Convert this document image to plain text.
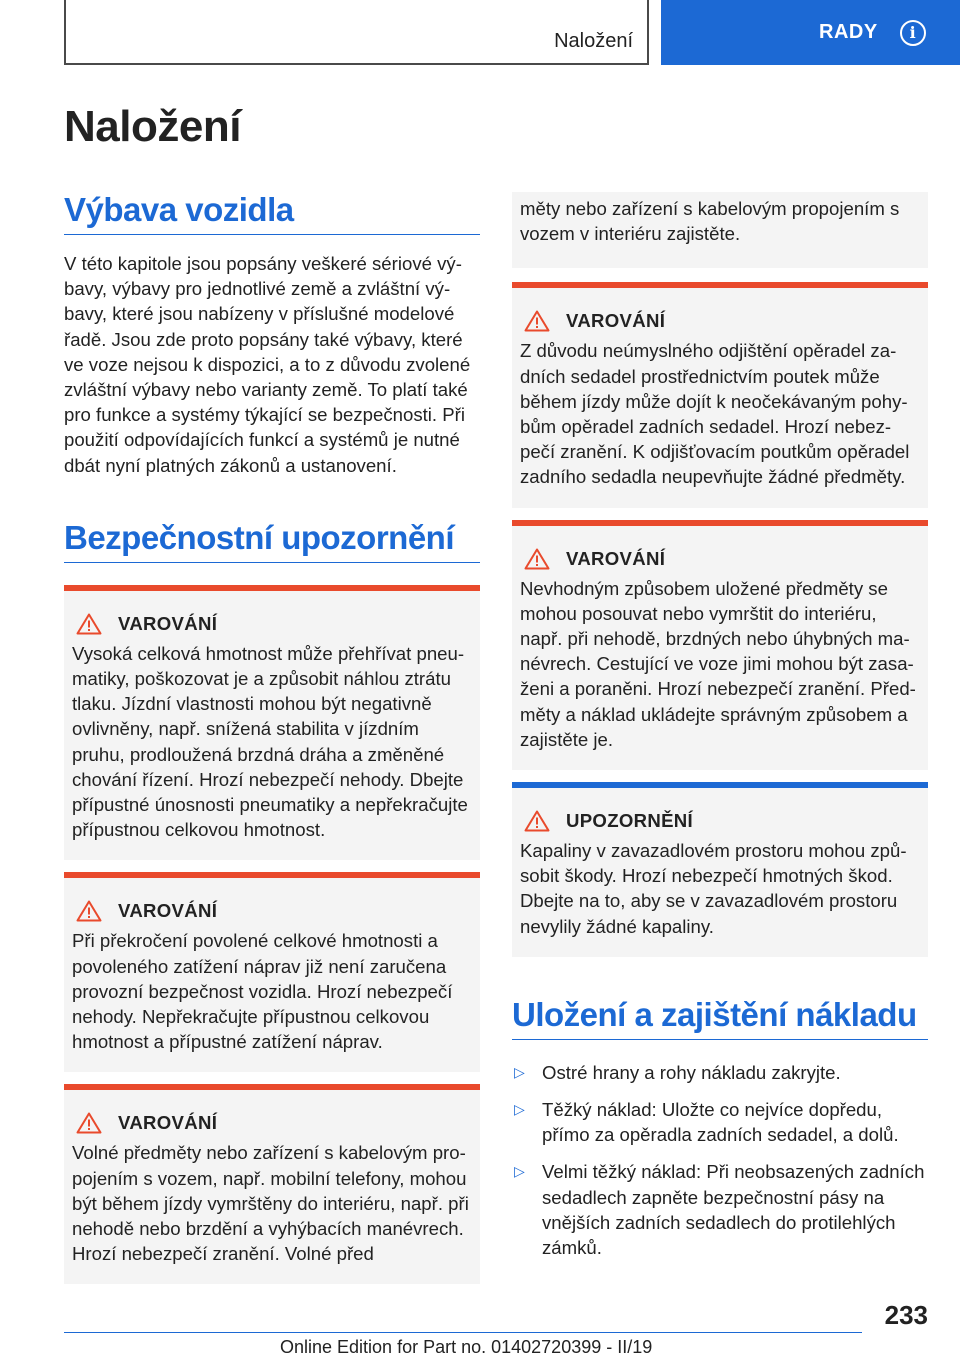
Naložení	RADY	i
Naložení
Výbava vozidla

V této kapitole jsou popsány veškeré sériové výbavy, výbavy pro jednotlivé země a zvláštní výbavy, které jsou nabízeny v příslušné modelové řadě. Jsou zde proto popsány také výbavy, které ve voze nejsou k dispozici, a to z důvodu zvolené zvláštní výbavy nebo varianty země. To platí také pro funkce a systémy týkající se bezpečnosti. Při použití odpovídajících funkcí a systémů je nutné dbát nyní platných zákonů a ustanovení.

Bezpečnostní upozornění
VAROVÁNÍ

Vysoká celková hmotnost může přehřívat pneumatiky, poškozovat je a způsobit náhlou ztrátu tlaku. Jízdní vlastnosti mohou být negativně ovlivněny, např. snížená stabilita v jízdním pruhu, prodloužená brzdná dráha a změněné chování řízení. Hrozí nebezpečí nehody. Dbejte přípustné únosnosti pneumatiky a nepřekračujte přípustnou celkovou hmotnost.

VAROVÁNÍ

Při překročení povolené celkové hmotnosti a povoleného zatížení náprav již není zaručena provozní bezpečnost vozidla. Hrozí nebezpečí nehody. Nepřekračujte přípustnou celkovou hmotnost a přípustné zatížení náprav.

VAROVÁNÍ

Volné předměty nebo zařízení s kabelovým propojením s vozem, např. mobilní telefony, mohou být během jízdy vymrštěny do interiéru, např. při nehodě nebo brzdění a vyhýbacích manévrech. Hrozí nebezpečí zranění. Volné před

měty nebo zařízení s kabelovým propojením s vozem v interiéru zajistěte.

VAROVÁNÍ

Z důvodu neúmyslného odjištění opěradel zadních sedadel prostřednictvím poutek může během jízdy může dojít k neočekávaným pohybům opěradel zadních sedadel. Hrozí nebezpečí zranění. K odjišťovacím poutkům opěradel zadního sedadla neupevňujte žádné předměty.

VAROVÁNÍ

Nevhodným způsobem uložené předměty se mohou posouvat nebo vymrštit do interiéru, např. při nehodě, brzdných nebo úhybných manévrech. Cestující ve voze jimi mohou být zasaženi a poraněni. Hrozí nebezpečí zranění. Předměty a náklad ukládejte správným způsobem a zajistěte je.

UPOZORNĚNÍ

Kapaliny v zavazadlovém prostoru mohou způsobit škody. Hrozí nebezpečí hmotných škod. Dbejte na to, aby se v zavazadlovém prostoru nevylily žádné kapaliny.

Uložení a zajištění nákladu
▷ Ostré hrany a rohy nákladu zakryjte.
▷ Těžký náklad: Uložte co nejvíce dopředu, přímo za opěradla zadních sedadel, a dolů.
▷ Velmi těžký náklad: Při neobsazených zadních sedadlech zapněte bezpečnostní pásy na vnějších zadních sedadlech do protilehlých zámků.
233
Online Edition for Part no. 01402720399 - II/19
